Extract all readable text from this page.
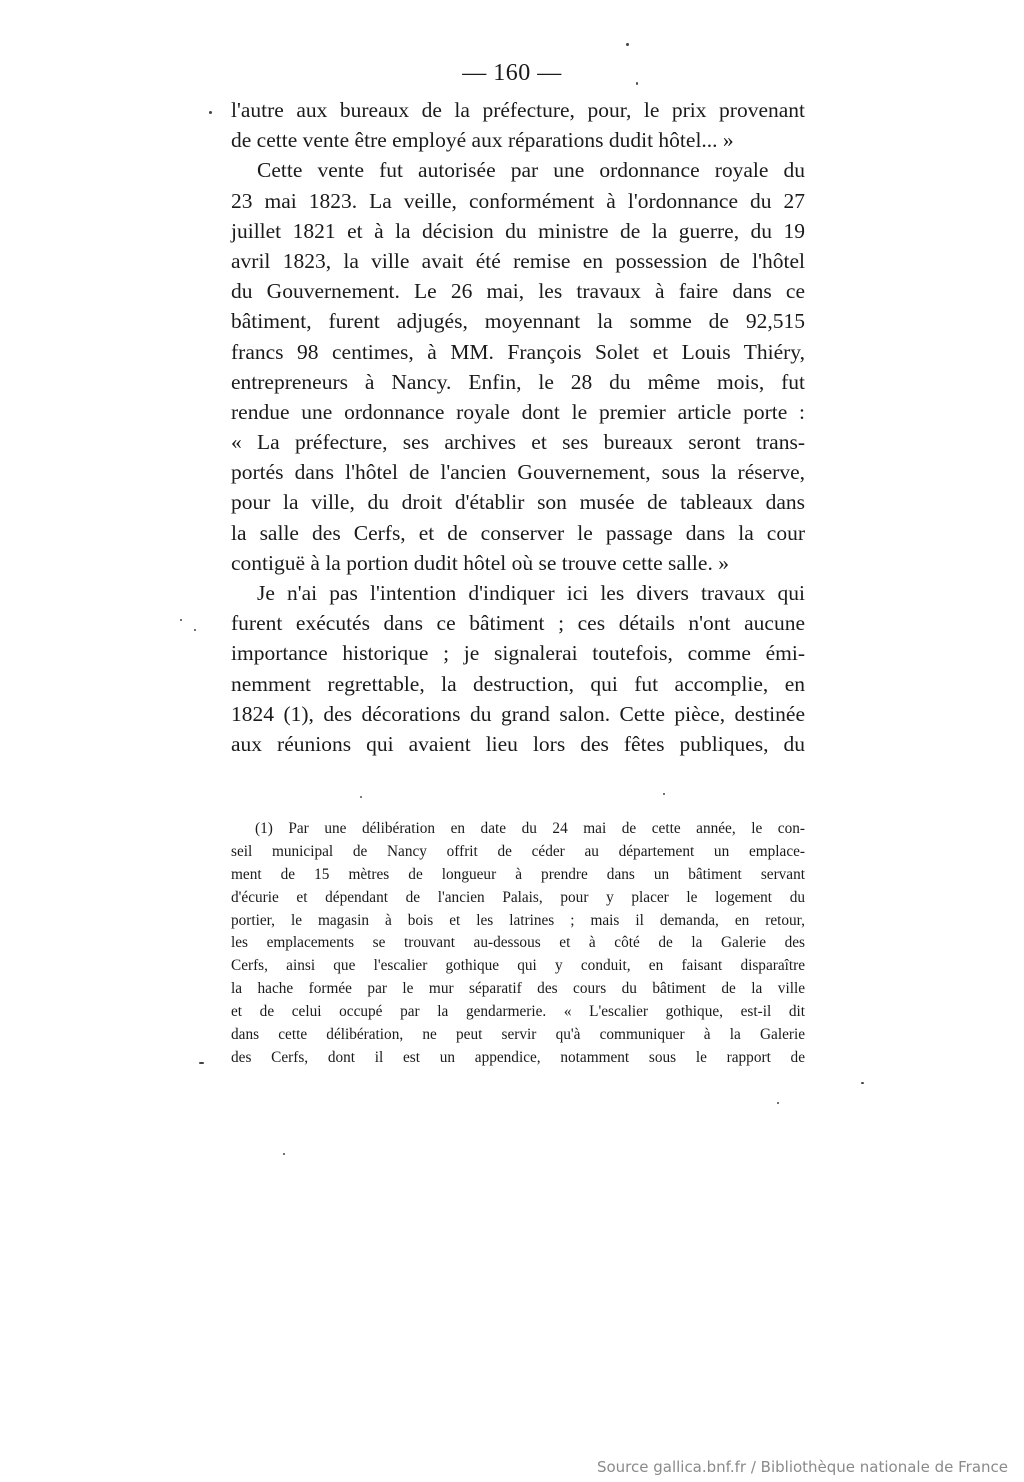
— 160 —
l'autre aux bureaux de la préfecture, pour, le prix provenant
de cette vente être employé aux réparations dudit hôtel... »
Cette vente fut autorisée par une ordonnance royale du
23 mai 1823. La veille, conformément à l'ordonnance du 27
juillet 1821 et à la décision du ministre de la guerre, du 19
avril 1823, la ville avait été remise en possession de l'hôtel
du Gouvernement. Le 26 mai, les travaux à faire dans ce
bâtiment, furent adjugés, moyennant la somme de 92,515
francs 98 centimes, à MM. François Solet et Louis Thiéry,
entrepreneurs à Nancy. Enfin, le 28 du même mois, fut
rendue une ordonnance royale dont le premier article porte :
« La préfecture, ses archives et ses bureaux seront trans-
portés dans l'hôtel de l'ancien Gouvernement, sous la réserve,
pour la ville, du droit d'établir son musée de tableaux dans
la salle des Cerfs, et de conserver le passage dans la cour
contiguë à la portion dudit hôtel où se trouve cette salle. »
Je n'ai pas l'intention d'indiquer ici les divers travaux qui
furent exécutés dans ce bâtiment ; ces détails n'ont aucune
importance historique ; je signalerai toutefois, comme émi-
nemment regrettable, la destruction, qui fut accomplie, en
1824 (1), des décorations du grand salon. Cette pièce, destinée
aux réunions qui avaient lieu lors des fêtes publiques, du
(1) Par une délibération en date du 24 mai de cette année, le con-
seil municipal de Nancy offrit de céder au département un emplace-
ment de 15 mètres de longueur à prendre dans un bâtiment servant
d'écurie et dépendant de l'ancien Palais, pour y placer le logement du
portier, le magasin à bois et les latrines ; mais il demanda, en retour,
les emplacements se trouvant au-dessous et à côté de la Galerie des
Cerfs, ainsi que l'escalier gothique qui y conduit, en faisant disparaître
la hache formée par le mur séparatif des cours du bâtiment de la ville
et de celui occupé par la gendarmerie. « L'escalier gothique, est-il dit
dans cette délibération, ne peut servir qu'à communiquer à la Galerie
des Cerfs, dont il est un appendice, notamment sous le rapport de
Source gallica.bnf.fr / Bibliothèque nationale de France
